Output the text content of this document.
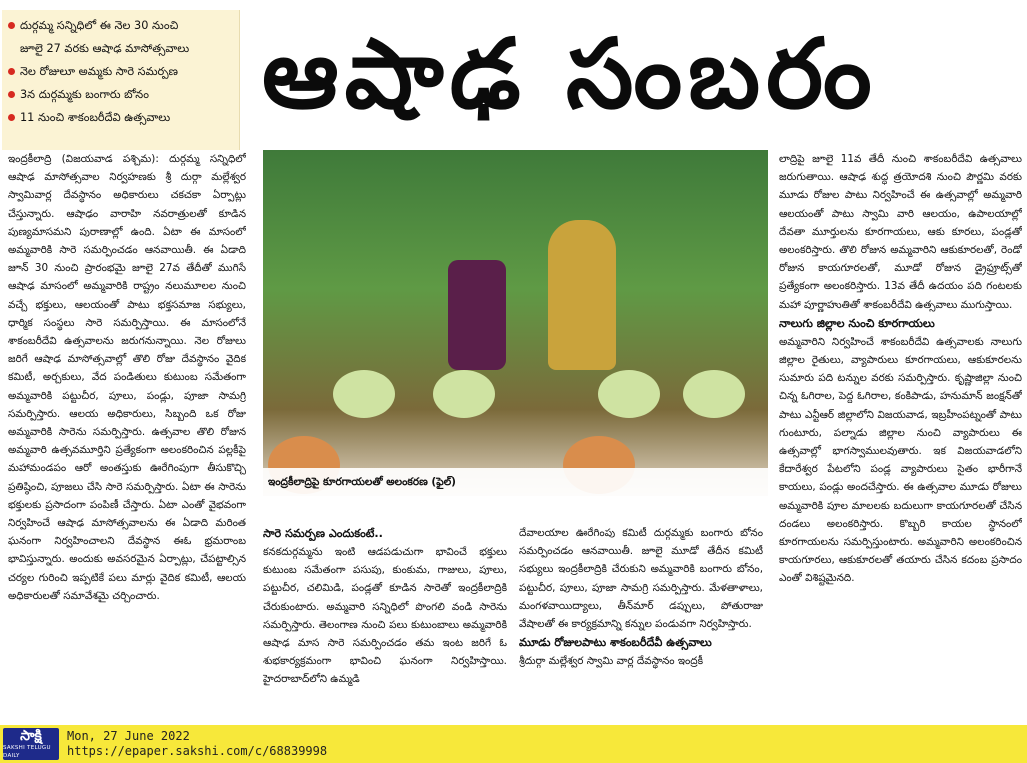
దుర్గమ్మ సన్నిధిలో ఈ నెల 30 నుంచి
జూలై 27 వరకు ఆషాఢ మాసోత్సవాలు
నెల రోజులూ అమ్మకు సారె సమర్పణ
3న దుర్గమ్మకు బంగారు బోనం
11 నుంచి శాకంబరీదేవి ఉత్సవాలు ఆషాఢ సంబరం

ఇంద్రకీలాద్రి (విజయవాడ పశ్చిమ): దుర్గమ్మ సన్నిధిలో ఆషాఢ మాసోత్సవాల నిర్వహణకు శ్రీ దుర్గా మల్లేశ్వర స్వామివార్ల దేవస్థానం అధికారులు చకచకా ఏర్పాట్లు చేస్తున్నారు. ఆషాఢం వారాహి నవరాత్రులతో కూడిన పుణ్యమాసమని పురాణాల్లో ఉంది. ఏటా ఈ మాసంలో అమ్మవారికి సారె సమర్పించడం ఆనవాయితీ. ఈ ఏడాది జూన్ 30 నుంచి ప్రారంభమై జూలై 27వ తేదీతో ముగిసే ఆషాఢ మాసంలో అమ్మవారికి రాష్ట్రం నలుమూలల నుంచి వచ్చే భక్తులు, ఆలయంతో పాటు భక్తసమాజ సభ్యులు, ధార్మిక సంస్థలు సారె సమర్పిస్తాయి. ఈ మాసంలోనే శాకంబరీదేవి ఉత్సవాలను జరుగనున్నాయి. నెల రోజులు జరిగే ఆషాఢ మాసోత్సవాల్లో తొలి రోజు దేవస్థానం వైదిక కమిటీ, అర్చకులు, వేద పండితులు కుటుంబ సమేతంగా అమ్మవారికి పట్టుచీర, పూలు, పండ్లు, పూజా సామగ్రి సమర్పిస్తారు. ఆలయ అధికారులు, సిబ్బంది ఒక రోజు అమ్మవారికి సారెను సమర్పిస్తారు. ఉత్సవాల తొలి రోజున అమ్మవారి ఉత్సవమూర్తిని ప్రత్యేకంగా అలంకరించిన పల్లకీపై మహామండపం ఆరో అంతస్తుకు ఊరేగింపుగా తీసుకొచ్చి ప్రతిష్ఠించి, పూజలు చేసి సారె సమర్పిస్తారు. ఏటా ఈ సారెను భక్తులకు ప్రసాదంగా పంపిణీ చేస్తారు. ఏటా ఎంతో వైభవంగా నిర్వహించే ఆషాఢ మాసోత్సవాలను ఈ ఏడాది మరింత ఘనంగా నిర్వహించాలని దేవస్థాన ఈఓ భ్రమరాంబ భావిస్తున్నారు. అందుకు అవసరమైన ఏర్పాట్లు, చేపట్టాల్సిన చర్యల గురించి ఇప్పటికే పలు మార్లు వైదిక కమిటీ, ఆలయ అధికారులతో సమావేశమై చర్చించారు.

ఇంద్రకీలాద్రిపై కూరగాయలతో అలంకరణ (ఫైల్)

సారె సమర్పణ ఎందుకంటే..

కనకదుర్గమ్మను ఇంటి ఆడపడుచుగా భావించే భక్తులు కుటుంబ సమేతంగా పసుపు, కుంకుమ, గాజులు, పూలు, పట్టుచీర, చలిమిడి, పండ్లతో కూడిన సారెతో ఇంద్రకీలాద్రికి చేరుకుంటారు. అమ్మవారి సన్నిధిలో పొంగలి వండి సారెను సమర్పిస్తారు. తెలంగాణ నుంచి పలు కుటుంబాలు అమ్మవారికి ఆషాఢ మాస సారె సమర్పించడం తమ ఇంట జరిగే ఓ శుభకార్యక్రమంగా భావించి ఘనంగా నిర్వహిస్తాయి. హైదరాబాద్‌లోని ఉమ్మడి

దేవాలయాల ఊరేగింపు కమిటీ దుర్గమ్మకు బంగారు బోనం సమర్పించడం ఆనవాయితీ. జూలై మూడో తేదీన కమిటీ సభ్యులు ఇంద్రకీలాద్రికి చేరుకుని అమ్మవారికి బంగారు బోనం, పట్టుచీర, పూలు, పూజా సామగ్రి సమర్పిస్తారు. మేళతాళాలు, మంగళవాయిద్యాలు, తీన్‌మార్ డప్పులు, పోతురాజు వేషాలతో ఈ కార్యక్రమాన్ని కన్నుల పండువగా నిర్వహిస్తారు.

మూడు రోజులపాటు శాకంబరీదేవీ ఉత్సవాలు

శ్రీదుర్గా మల్లేశ్వర స్వామి వార్ల దేవస్థానం ఇంద్రకీ

లాద్రిపై జూలై 11వ తేదీ నుంచి శాకంబరీదేవి ఉత్సవాలు జరుగుతాయి. ఆషాఢ శుద్ధ త్రయోదశి నుంచి పౌర్ణమి వరకు మూడు రోజుల పాటు నిర్వహించే ఈ ఉత్సవాల్లో అమ్మవారి ఆలయంతో పాటు స్వామి వారి ఆలయం, ఉపాలయాల్లో దేవతా మూర్తులను కూరగాయలు, ఆకు కూరలు, పండ్లతో అలంకరిస్తారు. తొలి రోజున అమ్మవారిని ఆకుకూరలతో, రెండో రోజున కాయగూరలతో, మూడో రోజున డ్రైఫ్రూట్స్‌తో ప్రత్యేకంగా అలంకరిస్తారు. 13వ తేదీ ఉదయం పది గంటలకు మహా పూర్ణాహుతితో శాకంబరీదేవి ఉత్సవాలు ముగుస్తాయి.

నాలుగు జిల్లాల నుంచి కూరగాయలు

అమ్మవారిని నిర్వహించే శాకంబరీదేవి ఉత్సవాలకు నాలుగు జిల్లాల రైతులు, వ్యాపారులు కూరగాయలు, ఆకుకూరలను సుమారు పది టన్నుల వరకు సమర్పిస్తారు. కృష్ణాజిల్లా నుంచి చిన్న ఓగిరాల, పెద్ద ఓగిరాల, కంకిపాడు, హనుమాన్ జంక్షన్‌తో పాటు ఎన్టీఆర్ జిల్లాలోని విజయవాడ, ఇబ్రహీంపట్నంతో పాటు గుంటూరు, పల్నాడు జిల్లాల నుంచి వ్యాపారులు ఈ ఉత్సవాల్లో భాగస్వాములవుతారు. ఇక విజయవాడలోని కేదారేశ్వర పేటలోని పండ్ల వ్యాపారులు సైతం భారీగానే కాయలు, పండ్లు అందచేస్తారు. ఈ ఉత్సవాల మూడు రోజులు అమ్మవారికి పూల మాలలకు బదులుగా కాయగూరలతో చేసిన దండలు అలంకరిస్తారు. కొబ్బరి కాయల స్థానంలో కూరగాయలను సమర్పిస్తుంటారు. అమ్మవారిని అలంకరించిన కాయగూరలు, ఆకుకూరలతో తయారు చేసిన కదంబ ప్రసాదం ఎంతో విశిష్టమైనది.

సాక్షి
SAKSHI TELUGU DAILY
Mon, 27 June 2022
https://epaper.sakshi.com/c/68839998
